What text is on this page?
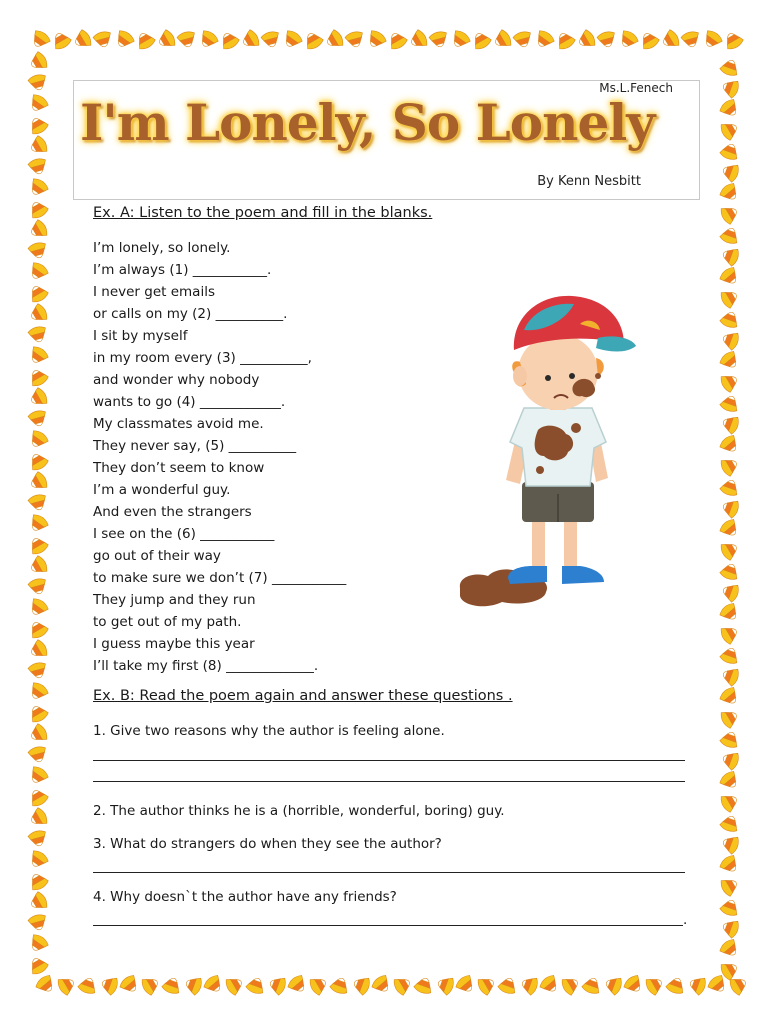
Ms.L.Fenech
I'm Lonely, So Lonely
By Kenn Nesbitt
Ex. A: Listen to the poem and fill in the blanks.
I’m lonely, so lonely.
I’m always (1) ___________.
I never get emails
or calls on my (2) __________.
I sit by myself
in my room every (3) __________,
and wonder why nobody
wants to go (4) ____________.
My classmates avoid me.
They never say, (5) __________
They don’t seem to know
I’m a wonderful guy.
And even the strangers
I see on the (6) ___________
go out of their way
to make sure we don’t (7) ___________
They jump and they run
to get out of my path.
I guess maybe this year
I’ll take my first (8) _____________.
Ex. B: Read the poem again and answer these questions .
1. Give two reasons why the author is feeling alone.
2. The author thinks he is a (horrible, wonderful, boring) guy.
3. What do strangers do when they see the author?
4. Why doesn`t the author have any friends?
.
